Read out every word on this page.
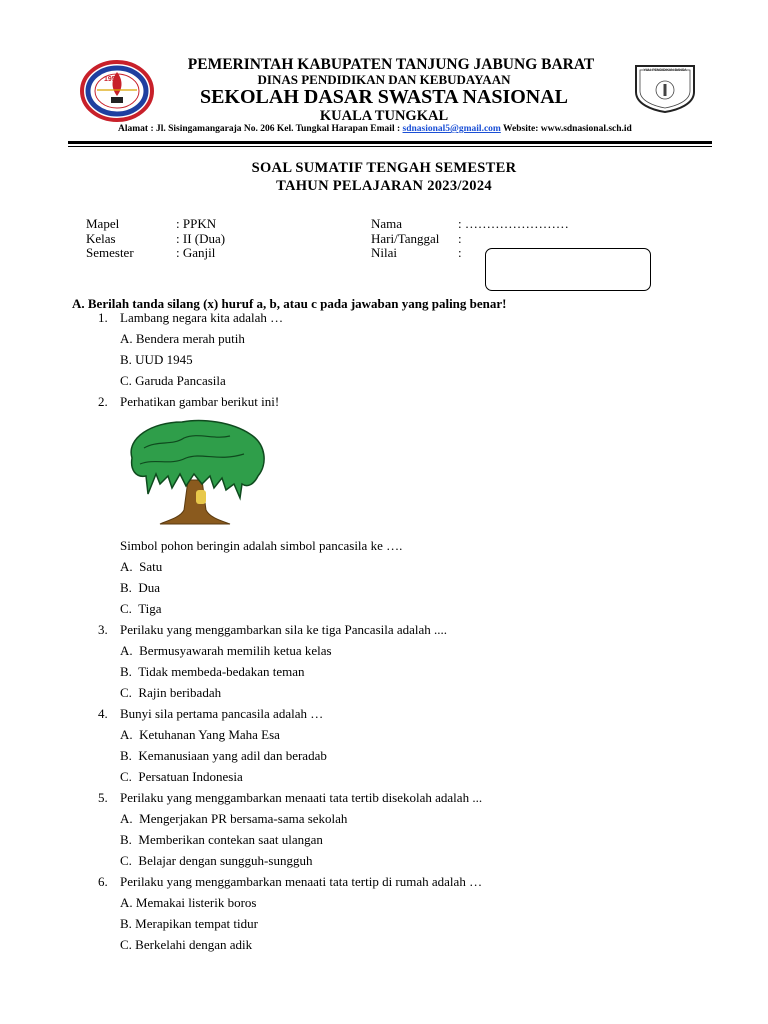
1958
YULI PENDIDIKAN BANSA
PEMERINTAH KABUPATEN TANJUNG JABUNG BARAT
DINAS PENDIDIKAN DAN KEBUDAYAAN
SEKOLAH DASAR SWASTA NASIONAL
KUALA TUNGKAL
Alamat : Jl. Sisingamangaraja No. 206 Kel. Tungkal Harapan Email : sdnasional5@gmail.com Website: www.sdnasional.sch.id
SOAL SUMATIF TENGAH SEMESTER
TAHUN PELAJARAN 2023/2024
Mapel	: PPKN
Kelas	: II (Dua)
Semester	: Ganjil
Nama	: ……………………
Hari/Tanggal :
Nilai	:
A. Berilah tanda silang (x) huruf a, b, atau c pada jawaban yang paling benar!
1. Lambang negara kita adalah …
A. Bendera merah putih
B. UUD 1945
C. Garuda Pancasila
2. Perhatikan gambar berikut ini!
Simbol pohon beringin adalah simbol pancasila ke ….
A. Satu
B. Dua
C. Tiga
3. Perilaku yang menggambarkan sila ke tiga Pancasila adalah ....
A. Bermusyawarah memilih ketua kelas
B. Tidak membeda-bedakan teman
C. Rajin beribadah
4. Bunyi sila pertama pancasila adalah …
A. Ketuhanan Yang Maha Esa
B. Kemanusiaan yang adil dan beradab
C. Persatuan Indonesia
5. Perilaku yang menggambarkan menaati tata tertib disekolah adalah ...
A. Mengerjakan PR bersama-sama sekolah
B. Memberikan contekan saat ulangan
C. Belajar dengan sungguh-sungguh
6. Perilaku yang menggambarkan menaati tata tertip di rumah adalah …
A. Memakai listerik boros
B. Merapikan tempat tidur
C. Berkelahi dengan adik
